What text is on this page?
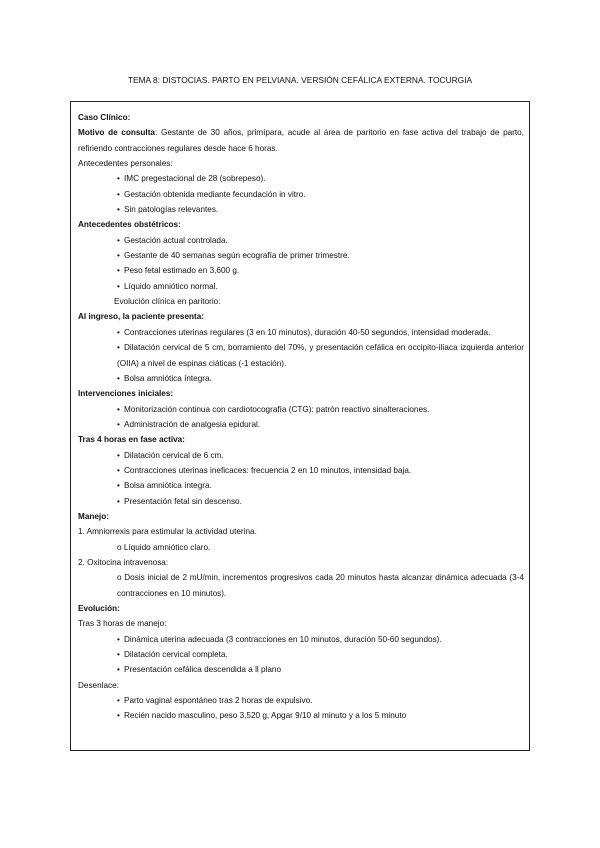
TEMA 8: DISTOCIAS. PARTO EN PELVIANA. VERSIÓN CEFÁLICA EXTERNA. TOCURGIA
Caso Clínico:
Motivo de consulta: Gestante de 30 años, primípara, acude al área de paritorio en fase activa del trabajo de parto, refiriendo contracciones regulares desde hace 6 horas.
Antecedentes personales:
• IMC pregestacional de 28 (sobrepeso).
• Gestación obtenida mediante fecundación in vitro.
• Sin patologías relevantes.
Antecedentes obstétricos:
• Gestación actual controlada.
• Gestante de 40 semanas según ecografía de primer trimestre.
• Peso fetal estimado en 3,600 g.
• Líquido amniótico normal.
Evolución clínica en paritorio:
Al ingreso, la paciente presenta:
• Contracciones uterinas regulares (3 en 10 minutos), duración 40-50 segundos, intensidad moderada.
• Dilatación cervical de 5 cm, borramiento del 70%, y presentación cefálica en occipito-ilíaca izquierda anterior (OIIA) a nivel de espinas ciáticas (-1 estación).
• Bolsa amniótica íntegra.
Intervenciones iniciales:
• Monitorización continua con cardiotocografía (CTG): patrón reactivo sinalteraciones.
• Administración de analgesia epidural.
Tras 4 horas en fase activa:
• Dilatación cervical de 6 cm.
• Contracciones uterinas ineficaces: frecuencia 2 en 10 minutos, intensidad baja.
• Bolsa amniótica íntegra.
• Presentación fetal sin descenso.
Manejo:
1. Amniorrexis para estimular la actividad uterina.
o Líquido amniótico claro.
2. Oxitocina intravenosa:
o Dosis inicial de 2 mU/min, incrementos progresivos cada 20 minutos hasta alcanzar dinámica adecuada (3-4 contracciones en 10 minutos).
Evolución:
Tras 3 horas de manejo:
• Dinámica uterina adecuada (3 contracciones en 10 minutos, duración 50-60 segundos).
• Dilatación cervical completa.
• Presentación cefálica descendida a ll plano
Desenlace:
• Parto vaginal espontáneo tras 2 horas de expulsivo.
• Recién nacido masculino, peso 3,520 g, Apgar 9/10 al minuto y a los 5 minuto
